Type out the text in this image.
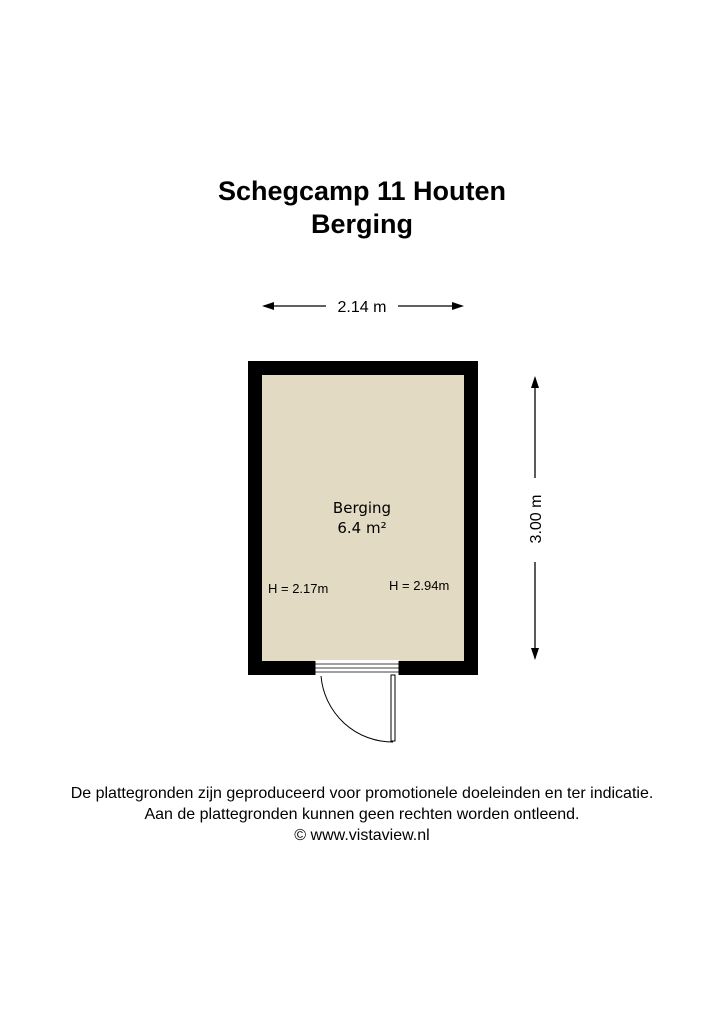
Schegcamp 11 Houten
Berging
2.14 m
3.00 m
Berging
6.4 m²
H = 2.17m	H = 2.94m
De plattegronden zijn geproduceerd voor promotionele doeleinden en ter indicatie.
Aan de plattegronden kunnen geen rechten worden ontleend.
© www.vistaview.nl
